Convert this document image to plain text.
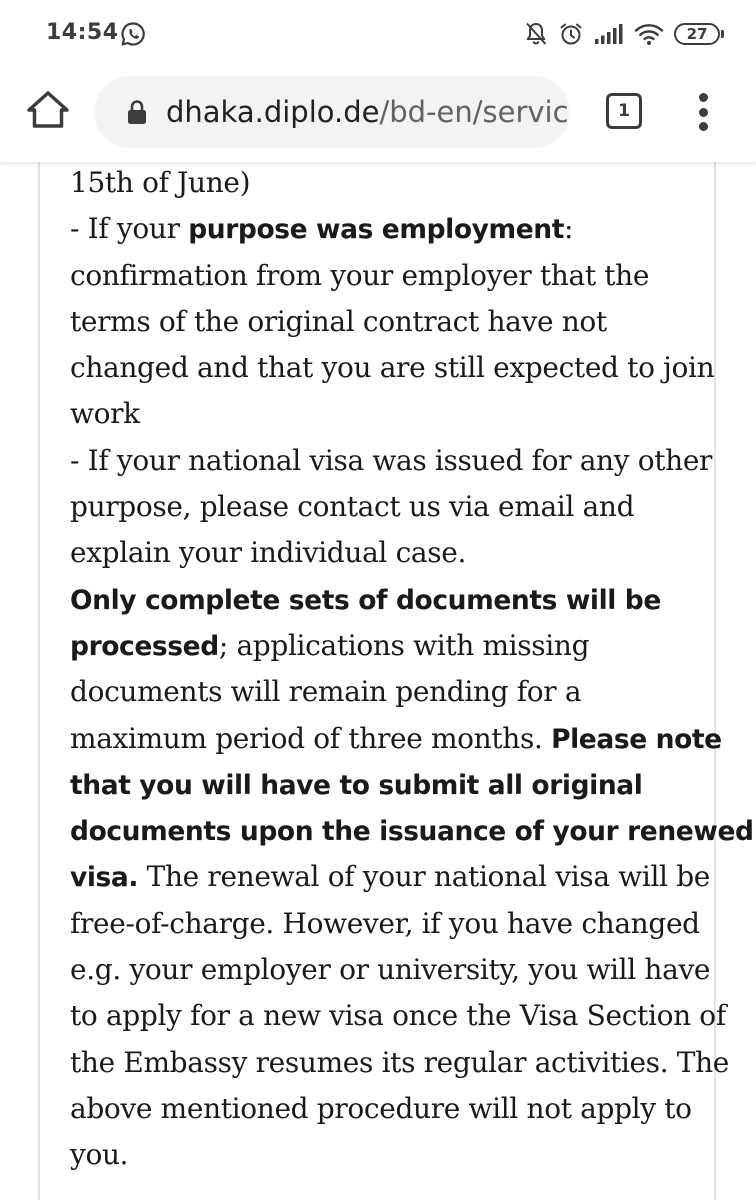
14:54	27
dhaka.diplo.de/bd-en/servic	1
15th of June)
- If your purpose was employment:
confirmation from your employer that the
terms of the original contract have not
changed and that you are still expected to join
work
- If your national visa was issued for any other
purpose, please contact us via email and
explain your individual case.
Only complete sets of documents will be
processed; applications with missing
documents will remain pending for a
maximum period of three months. Please note
that you will have to submit all original
documents upon the issuance of your renewed
visa. The renewal of your national visa will be
free-of-charge. However, if you have changed
e.g. your employer or university, you will have
to apply for a new visa once the Visa Section of
the Embassy resumes its regular activities. The
above mentioned procedure will not apply to
you.
